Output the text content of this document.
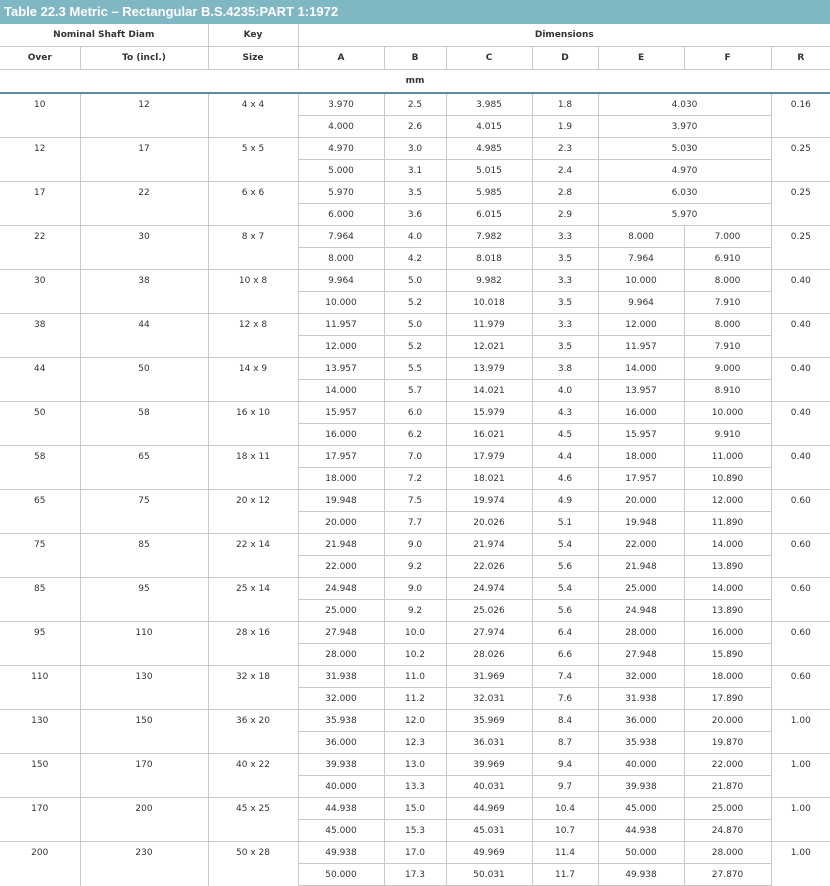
Table 22.3 Metric – Rectangular B.S.4235:PART 1:1972
Nominal Shaft Diam		Key	Dimensions						
Over	To (incl.)	Size	A	B	C	D	E	F	R
mm									
10	12	4 x 4	3.970	2.5	3.985	1.8	4.030		0.16
			4.000	2.6	4.015	1.9	3.970		
12	17	5 x 5	4.970	3.0	4.985	2.3	5.030		0.25
			5.000	3.1	5.015	2.4	4.970		
17	22	6 x 6	5.970	3.5	5.985	2.8	6.030		0.25
			6.000	3.6	6.015	2.9	5.970		
22	30	8 x 7	7.964	4.0	7.982	3.3	8.000	7.000	0.25
			8.000	4.2	8.018	3.5	7.964	6.910	
30	38	10 x 8	9.964	5.0	9.982	3.3	10.000	8.000	0.40
			10.000	5.2	10.018	3.5	9.964	7.910	
38	44	12 x 8	11.957	5.0	11.979	3.3	12.000	8.000	0.40
			12.000	5.2	12.021	3.5	11.957	7.910	
44	50	14 x 9	13.957	5.5	13.979	3.8	14.000	9.000	0.40
			14.000	5.7	14.021	4.0	13.957	8.910	
50	58	16 x 10	15.957	6.0	15.979	4.3	16.000	10.000	0.40
			16.000	6.2	16.021	4.5	15.957	9.910	
58	65	18 x 11	17.957	7.0	17.979	4.4	18.000	11.000	0.40
			18.000	7.2	18.021	4.6	17.957	10.890	
65	75	20 x 12	19.948	7.5	19.974	4.9	20.000	12.000	0.60
			20.000	7.7	20.026	5.1	19.948	11.890	
75	85	22 x 14	21.948	9.0	21.974	5.4	22.000	14.000	0.60
			22.000	9.2	22.026	5.6	21.948	13.890	
85	95	25 x 14	24.948	9.0	24.974	5.4	25.000	14.000	0.60
			25.000	9.2	25.026	5.6	24.948	13.890	
95	110	28 x 16	27.948	10.0	27.974	6.4	28.000	16.000	0.60
			28.000	10.2	28.026	6.6	27.948	15.890	
110	130	32 x 18	31.938	11.0	31.969	7.4	32.000	18.000	0.60
			32.000	11.2	32.031	7.6	31.938	17.890	
130	150	36 x 20	35.938	12.0	35.969	8.4	36.000	20.000	1.00
			36.000	12.3	36.031	8.7	35.938	19.870	
150	170	40 x 22	39.938	13.0	39.969	9.4	40.000	22.000	1.00
			40.000	13.3	40.031	9.7	39.938	21.870	
170	200	45 x 25	44.938	15.0	44.969	10.4	45.000	25.000	1.00
			45.000	15.3	45.031	10.7	44.938	24.870	
200	230	50 x 28	49.938	17.0	49.969	11.4	50.000	28.000	1.00
			50.000	17.3	50.031	11.7	49.938	27.870	
